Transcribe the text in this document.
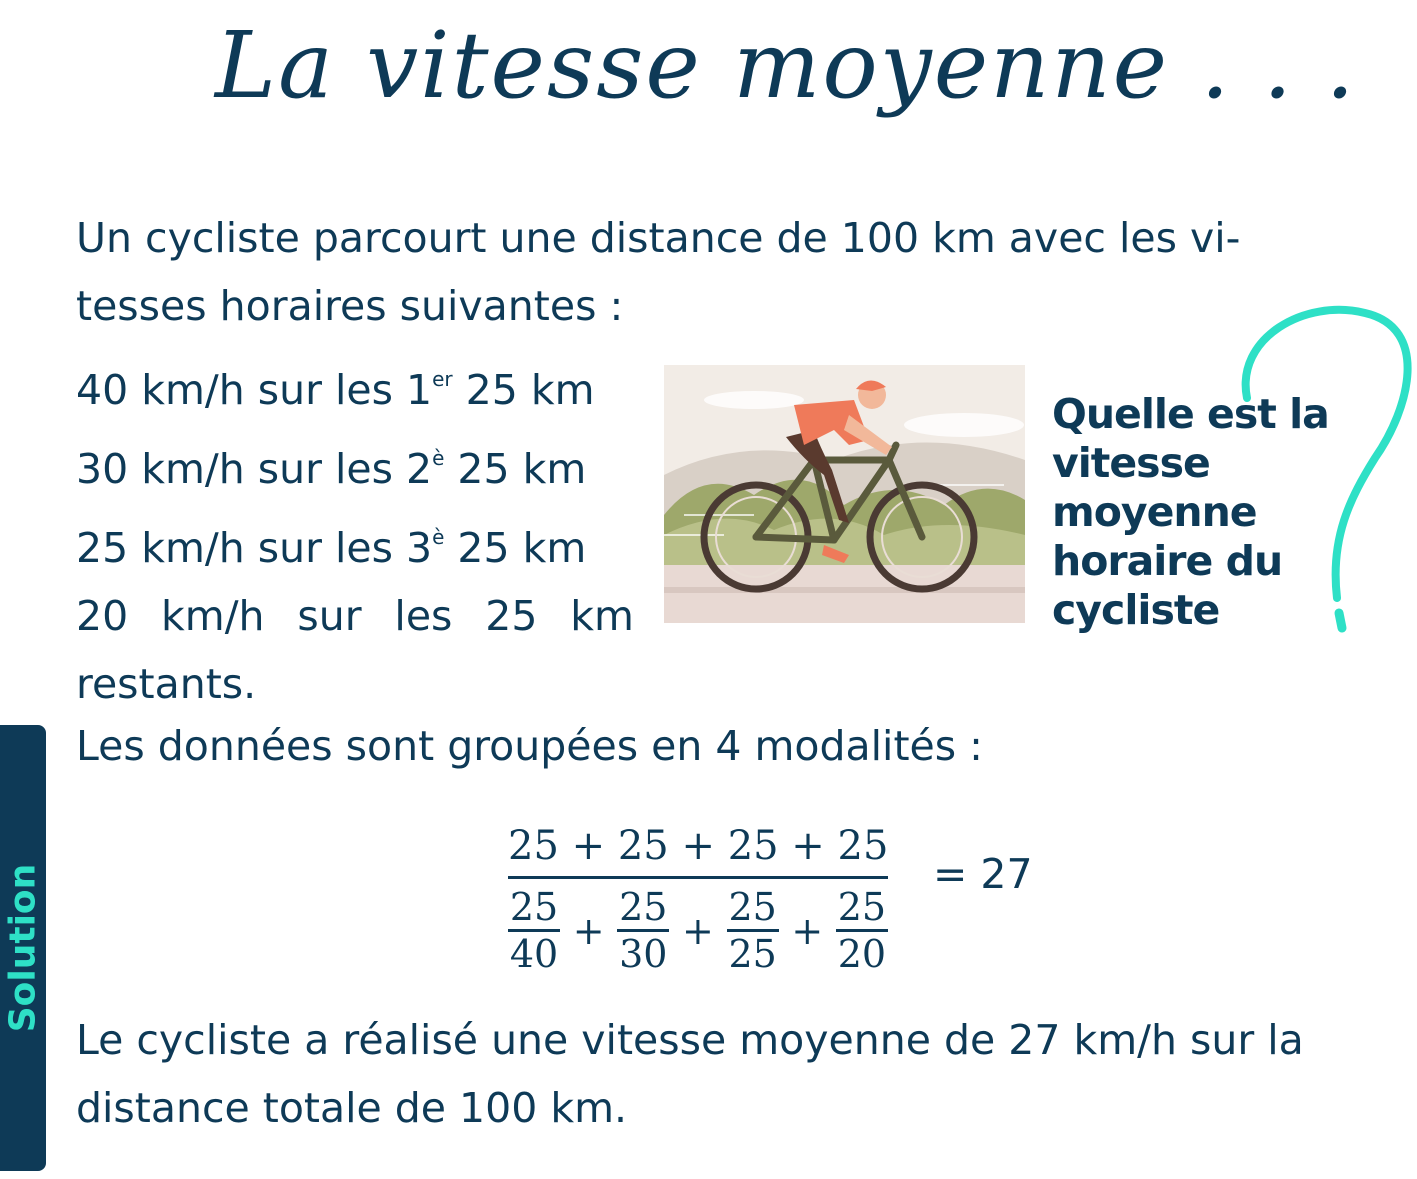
La vitesse moyenne . . .

Un cycliste parcourt une distance de 100 km avec les vi-tesses horaires suivantes :

40 km/h sur les 1er 25 km
30 km/h sur les $2^è$ 25 km
25 km/h sur les $3^è$ 25 km
20 km/h sur les 25 km restants.

Quelle est la vitesse moyenne horaire du cycliste

Solution

Les données sont groupées en 4 modalités :

25 + 25 + 25 + 25
$\frac{25}{40} + \frac{25}{30} + \frac{25}{25} + \frac{25}{20}$
= 27

Le cycliste a réalisé une vitesse moyenne de 27 km/h sur la distance totale de 100 km.
